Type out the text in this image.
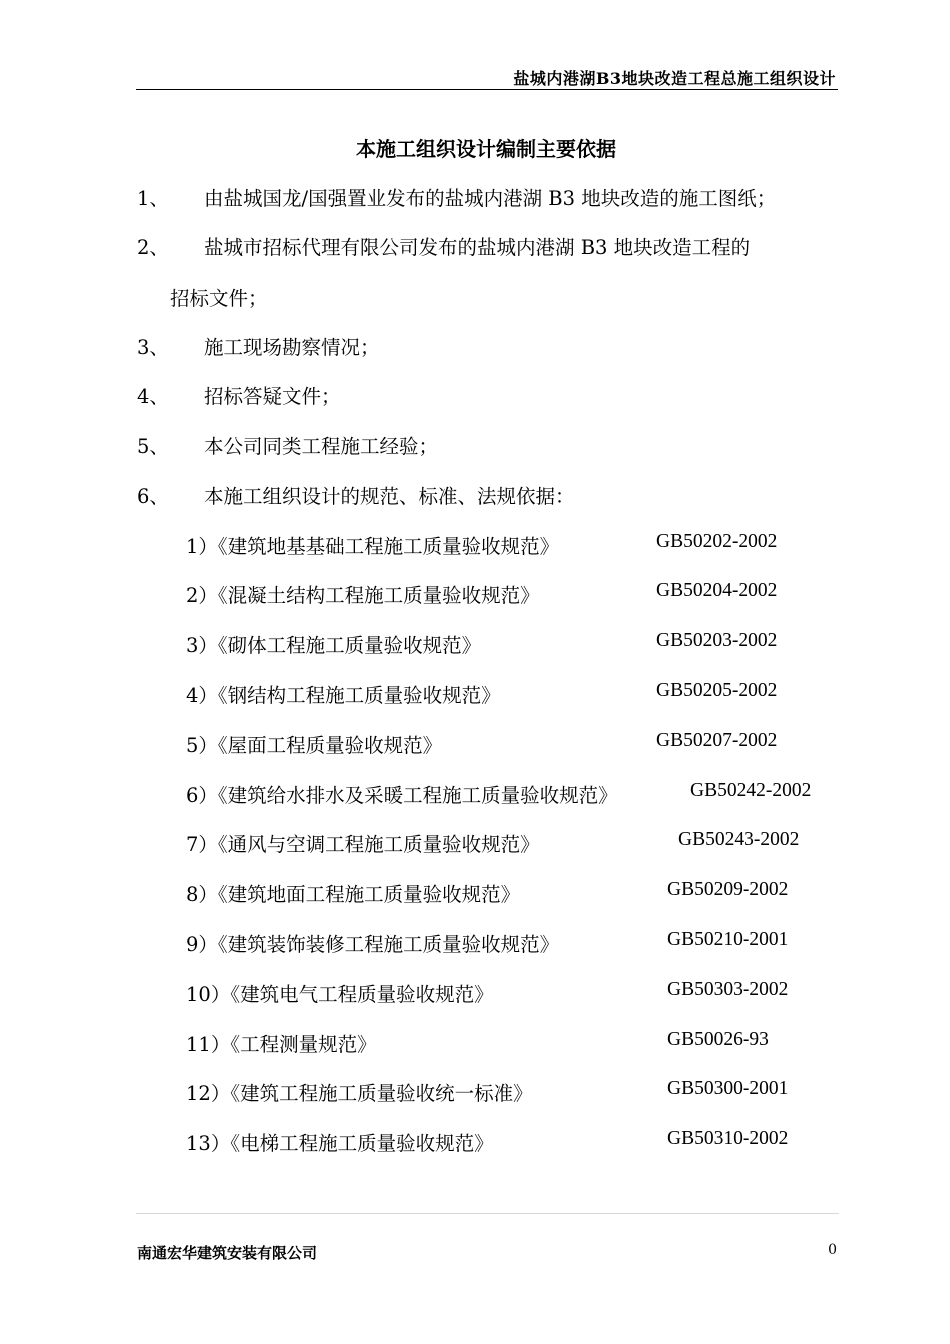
盐城内港湖B3地块改造工程总施工组织设计
本施工组织设计编制主要依据
1、 由盐城国龙/国强置业发布的盐城内港湖 B3 地块改造的施工图纸；
2、 盐城市招标代理有限公司发布的盐城内港湖 B3 地块改造工程的
招标文件；
3、 施工现场勘察情况；
4、 招标答疑文件；
5、 本公司同类工程施工经验；
6、 本施工组织设计的规范、标准、法规依据：
1）《建筑地基基础工程施工质量验收规范》	GB50202-2002
2）《混凝土结构工程施工质量验收规范》	GB50204-2002
3）《砌体工程施工质量验收规范》	GB50203-2002
4）《钢结构工程施工质量验收规范》	GB50205-2002
5）《屋面工程质量验收规范》	GB50207-2002
6）《建筑给水排水及采暖工程施工质量验收规范》	GB50242-2002
7）《通风与空调工程施工质量验收规范》	GB50243-2002
8）《建筑地面工程施工质量验收规范》	GB50209-2002
9）《建筑装饰装修工程施工质量验收规范》	GB50210-2001
10）《建筑电气工程质量验收规范》	GB50303-2002
11）《工程测量规范》	GB50026-93
12）《建筑工程施工质量验收统一标准》	GB50300-2001
13）《电梯工程施工质量验收规范》	GB50310-2002
南通宏华建筑安装有限公司	0
